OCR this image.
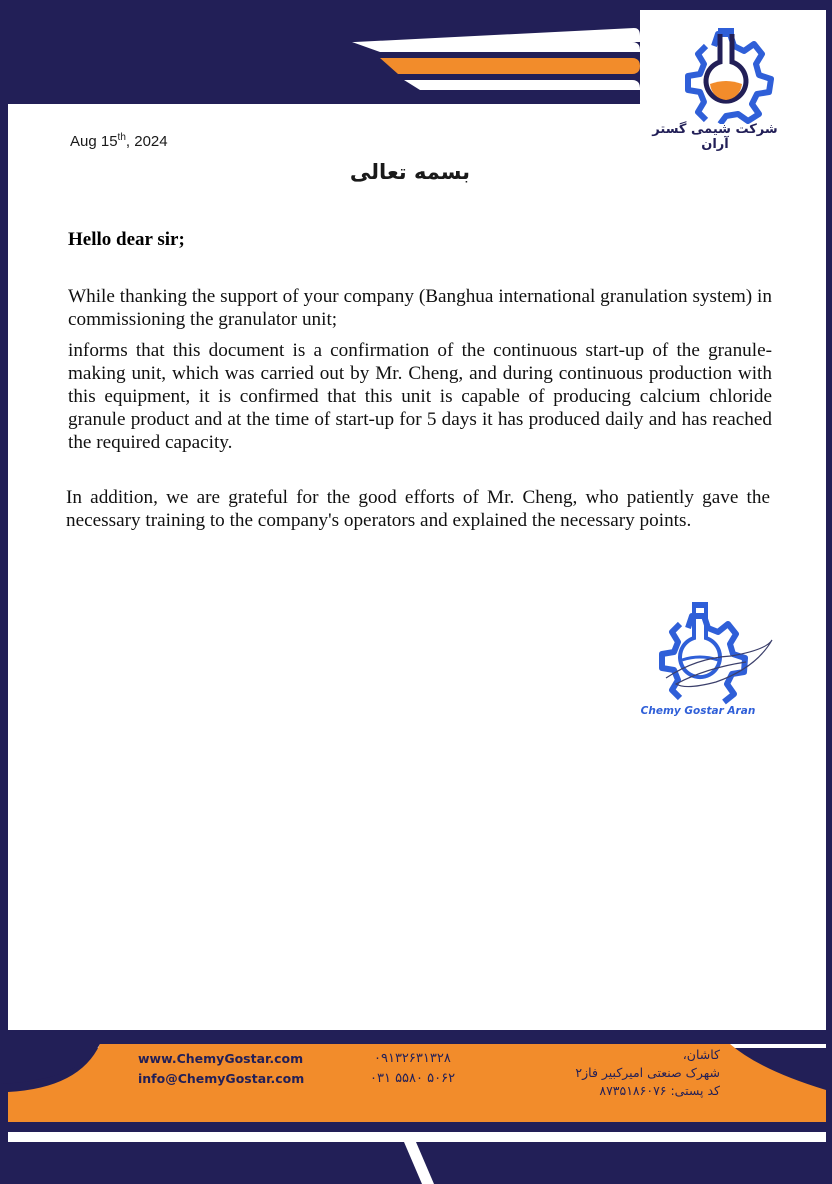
شرکت شیمی گستر آران
Aug 15th, 2024
بسمه تعالی
Hello dear sir;

While thanking the support of your company (Banghua international granulation system) in commissioning the granulator unit;

informs that this document is a confirmation of the continuous start-up of the granule-making unit, which was carried out by Mr. Cheng, and during continuous production with this equipment, it is confirmed that this unit is capable of producing calcium chloride granule product and at the time of start-up for 5 days it has produced daily and has reached the required capacity.

In addition, we are grateful for the good efforts of Mr. Cheng, who patiently gave the necessary training to the company's operators and explained the necessary points.

Chemy Gostar Aran
www.ChemyGostar.com
info@ChemyGostar.com
۰۹۱۳۲۶۳۱۳۲۸
۰۳۱ ۵۵۸۰ ۵۰۶۲
کاشان،
شهرک صنعتی امیرکبیر فاز۲
کد پستی: ۸۷۳۵۱۸۶۰۷۶
